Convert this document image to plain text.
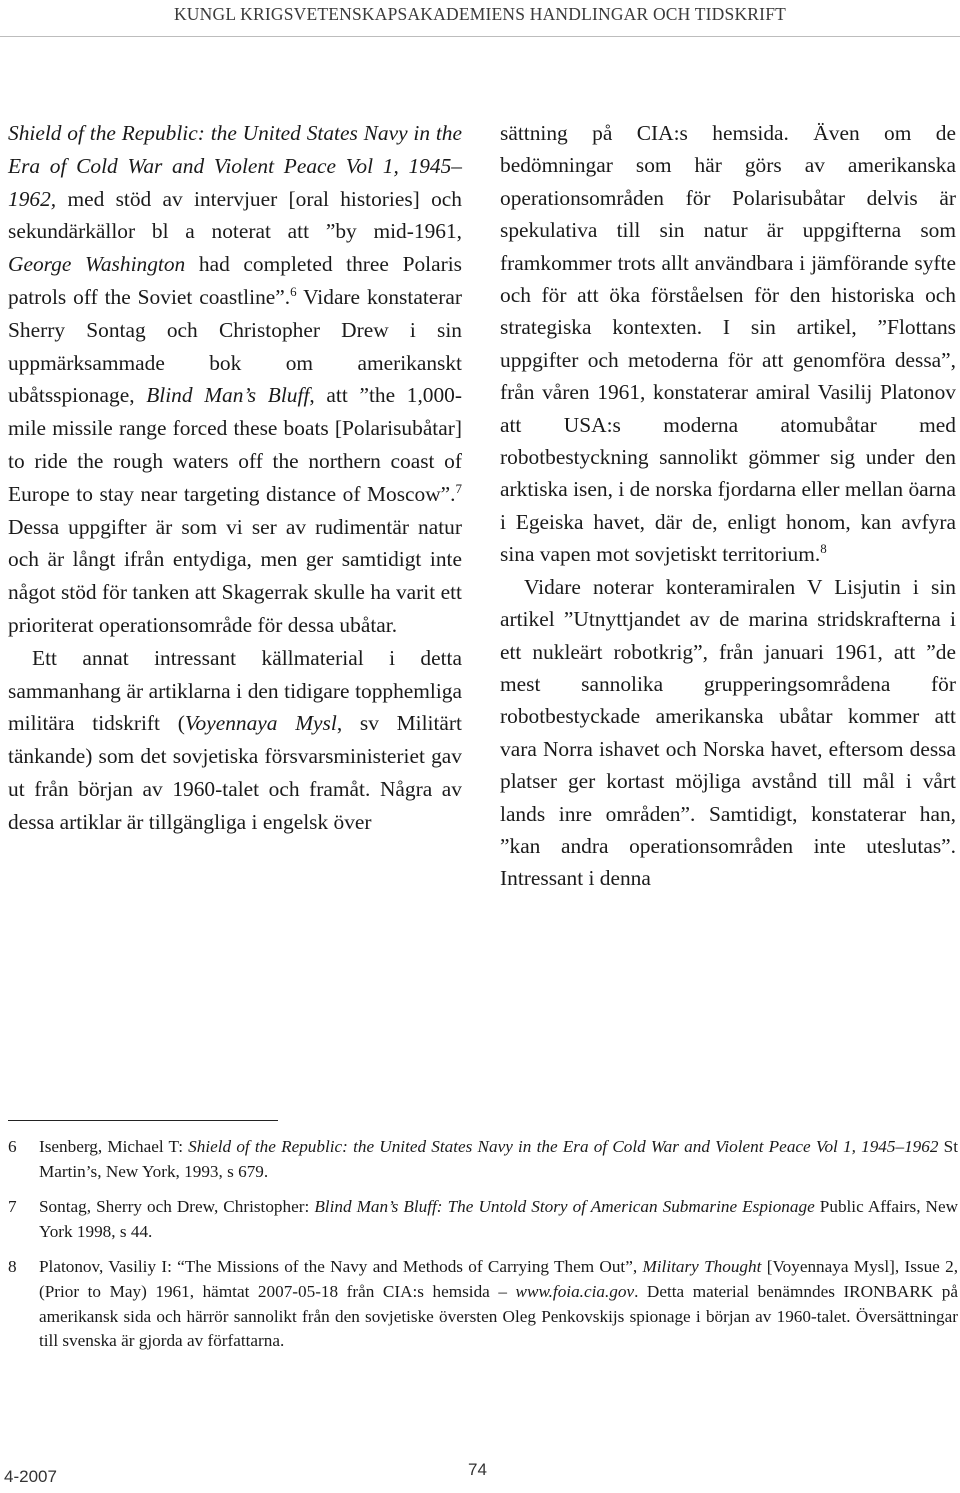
KUNGL KRIGSVETENSKAPSAKADEMIENS HANDLINGAR OCH TIDSKRIFT

Shield of the Republic: the United States Navy in the Era of Cold War and Violent Peace Vol 1, 1945–1962, med stöd av intervjuer [oral histories] och sekundärkällor bl a noterat att ”by mid-1961, George Washington had completed three Polaris patrols off the Soviet coastline”.$^6$ Vidare konstaterar Sherry Sontag och Christopher Drew i sin uppmärksammade bok om amerikanskt ubåtsspionage, Blind Man’s Bluff, att ”the 1,000-mile missile range forced these boats [Polarisubåtar] to ride the rough waters off the northern coast of Europe to stay near targeting distance of Moscow”.$^7$ Dessa uppgifter är som vi ser av rudimentär natur och är långt ifrån entydiga, men ger samtidigt inte något stöd för tanken att Skagerrak skulle ha varit ett prioriterat operationsområde för dessa ubåtar.

Ett annat intressant källmaterial i detta sammanhang är artiklarna i den tidigare topphemliga militära tidskrift (Voyennaya Mysl, sv Militärt tänkande) som det sovjetiska försvarsministeriet gav ut från början av 1960-talet och framåt. Några av dessa artiklar är tillgängliga i engelsk över

sättning på CIA:s hemsida. Även om de bedömningar som här görs av amerikanska operationsområden för Polarisubåtar delvis är spekulativa till sin natur är uppgifterna som framkommer trots allt användbara i jämförande syfte och för att öka förståelsen för den historiska och strategiska kontexten. I sin artikel, ”Flottans uppgifter och metoderna för att genomföra dessa”, från våren 1961, konstaterar amiral Vasilij Platonov att USA:s moderna atomubåtar med robotbestyckning sannolikt gömmer sig under den arktiska isen, i de norska fjordarna eller mellan öarna i Egeiska havet, där de, enligt honom, kan avfyra sina vapen mot sovjetiskt territorium.$^8$

Vidare noterar konteramiralen V Lisjutin i sin artikel ”Utnyttjandet av de marina stridskrafterna i ett nukleärt robotkrig”, från januari 1961, att ”de mest sannolika grupperingsområdena för robotbestyckade amerikanska ubåtar kommer att vara Norra ishavet och Norska havet, eftersom dessa platser ger kortast möjliga avstånd till mål i vårt lands inre områden”. Samtidigt, konstaterar han, ”kan andra operationsområden inte uteslutas”. Intressant i denna

6 Isenberg, Michael T: Shield of the Republic: the United States Navy in the Era of Cold War and Violent Peace Vol 1, 1945–1962 St Martin’s, New York, 1993, s 679.
7 Sontag, Sherry och Drew, Christopher: Blind Man’s Bluff: The Untold Story of American Submarine Espionage Public Affairs, New York 1998, s 44.
8 Platonov, Vasiliy I: “The Missions of the Navy and Methods of Carrying Them Out”, Military Thought [Voyennaya Mysl], Issue 2, (Prior to May) 1961, hämtat 2007-05-18 från CIA:s hemsida – www.foia.cia.gov. Detta material benämndes IRONBARK på amerikansk sida och härrör sannolikt från den sovjetiske översten Oleg Penkovskijs spionage i början av 1960-talet. Översättningar till svenska är gjorda av författarna.
4-2007	74
